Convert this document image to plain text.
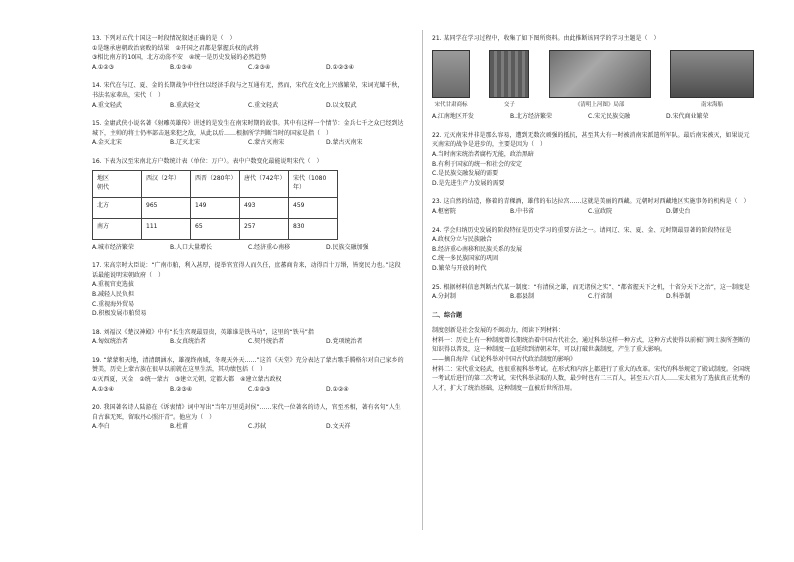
13. 下列对五代十国这一时段情况叙述正确的是（　）

①是继承唐朝政治衰败的结果　②开国之君都是掌握兵权的武将

③相比南方的10国，北方动荡不安　④统一是历史发展的必然趋势

A.①②③	B.①③④	C.②③④	D.①②③④

14. 宋代在与辽、夏、金的长期战争中往往以经济手段与之互通有无，然而，宋代在文化上兴盛繁荣，宋词光耀千秋，书法名家辈出，宋代（　）

A.重文轻武	B.重武轻文	C.重文轻武	D.以文驭武

15. 金庸武侠小说名著《射雕英雄传》讲述的是发生在南宋时期的故事。其中有这样一个情节：金兵七千之众已经到达城下，主帅的将士仍率部击退来犯之敌，从此以后……根据所学判断当时的国家是指（　）

A.金灭北宋	B.辽灭北宋	C.蒙古灭南宋	D.蒙古灭南宋

16. 下表为汉至宋南北方户数统计表（单位：万户）。表中户数变化最能说明宋代（　）

地区
朝代	西汉（2年）	西晋（280年）	唐代（742年）	宋代（1080年）
北方	965	149	493	459
南方	111	65	257	830
A.城市经济繁荣	B.人口大量增长	C.经济重心南移	D.民族交融加强

17. 宋高宗时大臣说：“广南市舶，利入甚厚，提举官宜得人而久任，庶蕃商肯来，动得百十万缗，皆宽民力也。”这段话最能说明宋朝政府（　）

A.重视官吏选拔
B.减轻人民负担
C.重视海外贸易
D.积极发展市舶贸易

18. 刘福汉《楚汉神殿》中有“长生宫观最显贵，英雄谁是铁马功”，这里的“铁马”指

A.匈奴统治者	B.女真统治者	C.契丹统治者	D.党项统治者

19. “蒙蒙和天地，清清朗涵水，雄视终南域，冬观天外天……”这首《天堂》充分表达了蒙古歌手腾格尔对自己家乡的赞美，历史上蒙古族在很早以前就在这里生活，其功绩包括（　）

①灭西夏，灭金　②统一蒙古　③建立元朝，定都大都　④建立蒙古政权

A.①③④	B.②③④	C.①②③	D.①②④

20. 我国著名诗人陆游在《诉衷情》词中写出“当年万里觅封侯”……宋代一位著名的诗人，官至丞相，著有名句“人生自古谁无死，留取丹心照汗青”。他应为（　）

A.李白	B.杜甫	C.苏轼	D.文天祥

21. 某同学在学习过程中，收集了如下图所资料。由此推断该同学的学习主题是（　）

宋代甘肃商标	交子	《清明上河图》局部	南宋海船
A.江南地区开发	B.北方经济繁荣	C.宋元民族交融	D.宋代商业繁荣

22. 元灭南宋并非是那么容易，遭到无数次顽强的抵抗，甚至其大有一时被消南宋派遣所军队。最后南宋被灭，如果说元灭南宋的战争是进步的，主要是因为（　）

A.当时南宋统治者腐朽无能，政治黑暗

B.有利于国家的统一和社会的安定

C.是民族交融发展的需要

D.是先进生产力发展的需要

23. 这自然的结造，修着的青稞酒，雄伟的布达拉宫……这就是美丽的西藏。元朝时对西藏地区实施事务的机构是（　）

A.枢密院	B.中书省	C.宣政院	D.御史台

24. 学会归纳历史发展的阶段特征是历史学习的重要方法之一。请问辽、宋、夏、金、元时期最显著的阶段特征是

A.政权分立与民族融合

B.经济重心南移和民族关系的发展

C.统一多民族国家的巩固

D.繁荣与开放的时代

25. 根据材料信息判断古代某一制度：“有清侯之雄，而无诸侯之实”、“都省握天下之机，十省分天下之治”，这一制度是

A.分封制	B.郡县制	C.行省制	D.科举制
二、综合题

制度创新是社会发展的不竭动力，阅读下列材料：

材料一：历史上有一种制度曾长期统治着中国古代社会，通过科举这样一种方式，这种方式使得以前被门阀士族所垄断的知识得以普及，这一种制度一直延续到清朝末年，可以打破世袭制度，产生了重大影响。

——摘自海岸《试论科举对中国古代政治制度的影响》

材料二：宋代重文轻武，也很重视科举考试。在形式和内容上都进行了重大的改革。宋代的科举规定了殿试制度。全国统一考试后进行的第二次考试，宋代科举录取的人数，最少时也有二三百人，甚至五六百人……宋太祖为了选拔真正优秀的人才，扩大了统治基础，这种制度一直被后世所沿用。
